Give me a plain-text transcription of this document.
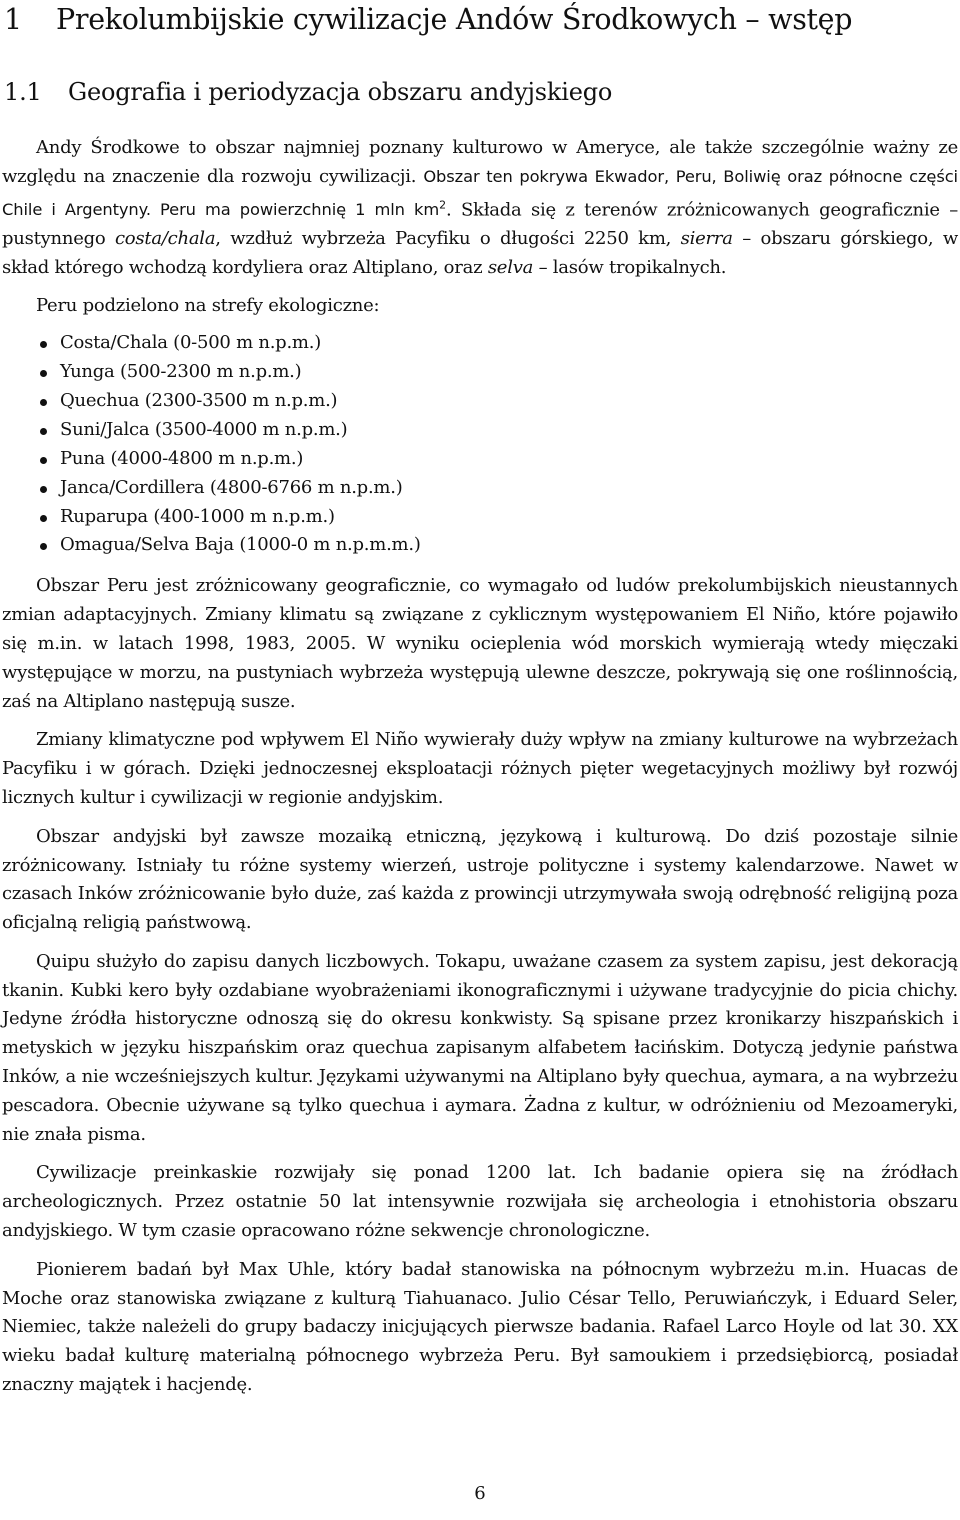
1 Prekolumbijskie cywilizacje Andów Środkowych – wstęp
1.1 Geografia i periodyzacja obszaru andyjskiego

Andy Środkowe to obszar najmniej poznany kulturowo w Ameryce, ale także szczególnie ważny ze względu na znaczenie dla rozwoju cywilizacji. Obszar ten pokrywa Ekwador, Peru, Boliwię oraz północne części Chile i Argentyny. Peru ma powierzchnię 1 mln $km^2$. Składa się z terenów zróżnicowanych geograficznie – pustynnego costa/chala, wzdłuż wybrzeża Pacyfiku o długości 2250 km, sierra – obszaru górskiego, w skład którego wchodzą kordyliera oraz Altiplano, oraz selva – lasów tropikalnych.

Peru podzielono na strefy ekologiczne:

Costa/Chala (0-500 m n.p.m.)
Yunga (500-2300 m n.p.m.)
Quechua (2300-3500 m n.p.m.)
Suni/Jalca (3500-4000 m n.p.m.)
Puna (4000-4800 m n.p.m.)
Janca/Cordillera (4800-6766 m n.p.m.)
Ruparupa (400-1000 m n.p.m.)
Omagua/Selva Baja (1000-0 m n.p.m.m.)

Obszar Peru jest zróżnicowany geograficznie, co wymagało od ludów prekolumbijskich nieustannych zmian adaptacyjnych. Zmiany klimatu są związane z cyklicznym występowaniem El Niño, które pojawiło się m.in. w latach 1998, 1983, 2005. W wyniku ocieplenia wód morskich wymierają wtedy mięczaki występujące w morzu, na pustyniach wybrzeża występują ulewne deszcze, pokrywają się one roślinnością, zaś na Altiplano następują susze.

Zmiany klimatyczne pod wpływem El Niño wywierały duży wpływ na zmiany kulturowe na wybrzeżach Pacyfiku i w górach. Dzięki jednoczesnej eksploatacji różnych pięter wegetacyjnych możliwy był rozwój licznych kultur i cywilizacji w regionie andyjskim.

Obszar andyjski był zawsze mozaiką etniczną, językową i kulturową. Do dziś pozostaje silnie zróżnicowany. Istniały tu różne systemy wierzeń, ustroje polityczne i systemy kalendarzowe. Nawet w czasach Inków zróżnicowanie było duże, zaś każda z prowincji utrzymywała swoją odrębność religijną poza oficjalną religią państwową.

Quipu służyło do zapisu danych liczbowych. Tokapu, uważane czasem za system zapisu, jest dekoracją tkanin. Kubki kero były ozdabiane wyobrażeniami ikonograficznymi i używane tradycyjnie do picia chichy. Jedyne źródła historyczne odnoszą się do okresu konkwisty. Są spisane przez kronikarzy hiszpańskich i metyskich w języku hiszpańskim oraz quechua zapisanym alfabetem łacińskim. Dotyczą jedynie państwa Inków, a nie wcześniejszych kultur. Językami używanymi na Altiplano były quechua, aymara, a na wybrzeżu pescadora. Obecnie używane są tylko quechua i aymara. Żadna z kultur, w odróżnieniu od Mezoameryki, nie znała pisma.

Cywilizacje preinkaskie rozwijały się ponad 1200 lat. Ich badanie opiera się na źródłach archeologicznych. Przez ostatnie 50 lat intensywnie rozwijała się archeologia i etnohistoria obszaru andyjskiego. W tym czasie opracowano różne sekwencje chronologiczne.

Pionierem badań był Max Uhle, który badał stanowiska na północnym wybrzeżu m.in. Huacas de Moche oraz stanowiska związane z kulturą Tiahuanaco. Julio César Tello, Peruwiańczyk, i Eduard Seler, Niemiec, także należeli do grupy badaczy inicjujących pierwsze badania. Rafael Larco Hoyle od lat 30. XX wieku badał kulturę materialną północnego wybrzeża Peru. Był samoukiem i przedsiębiorcą, posiadał znaczny majątek i hacjendę.

6
